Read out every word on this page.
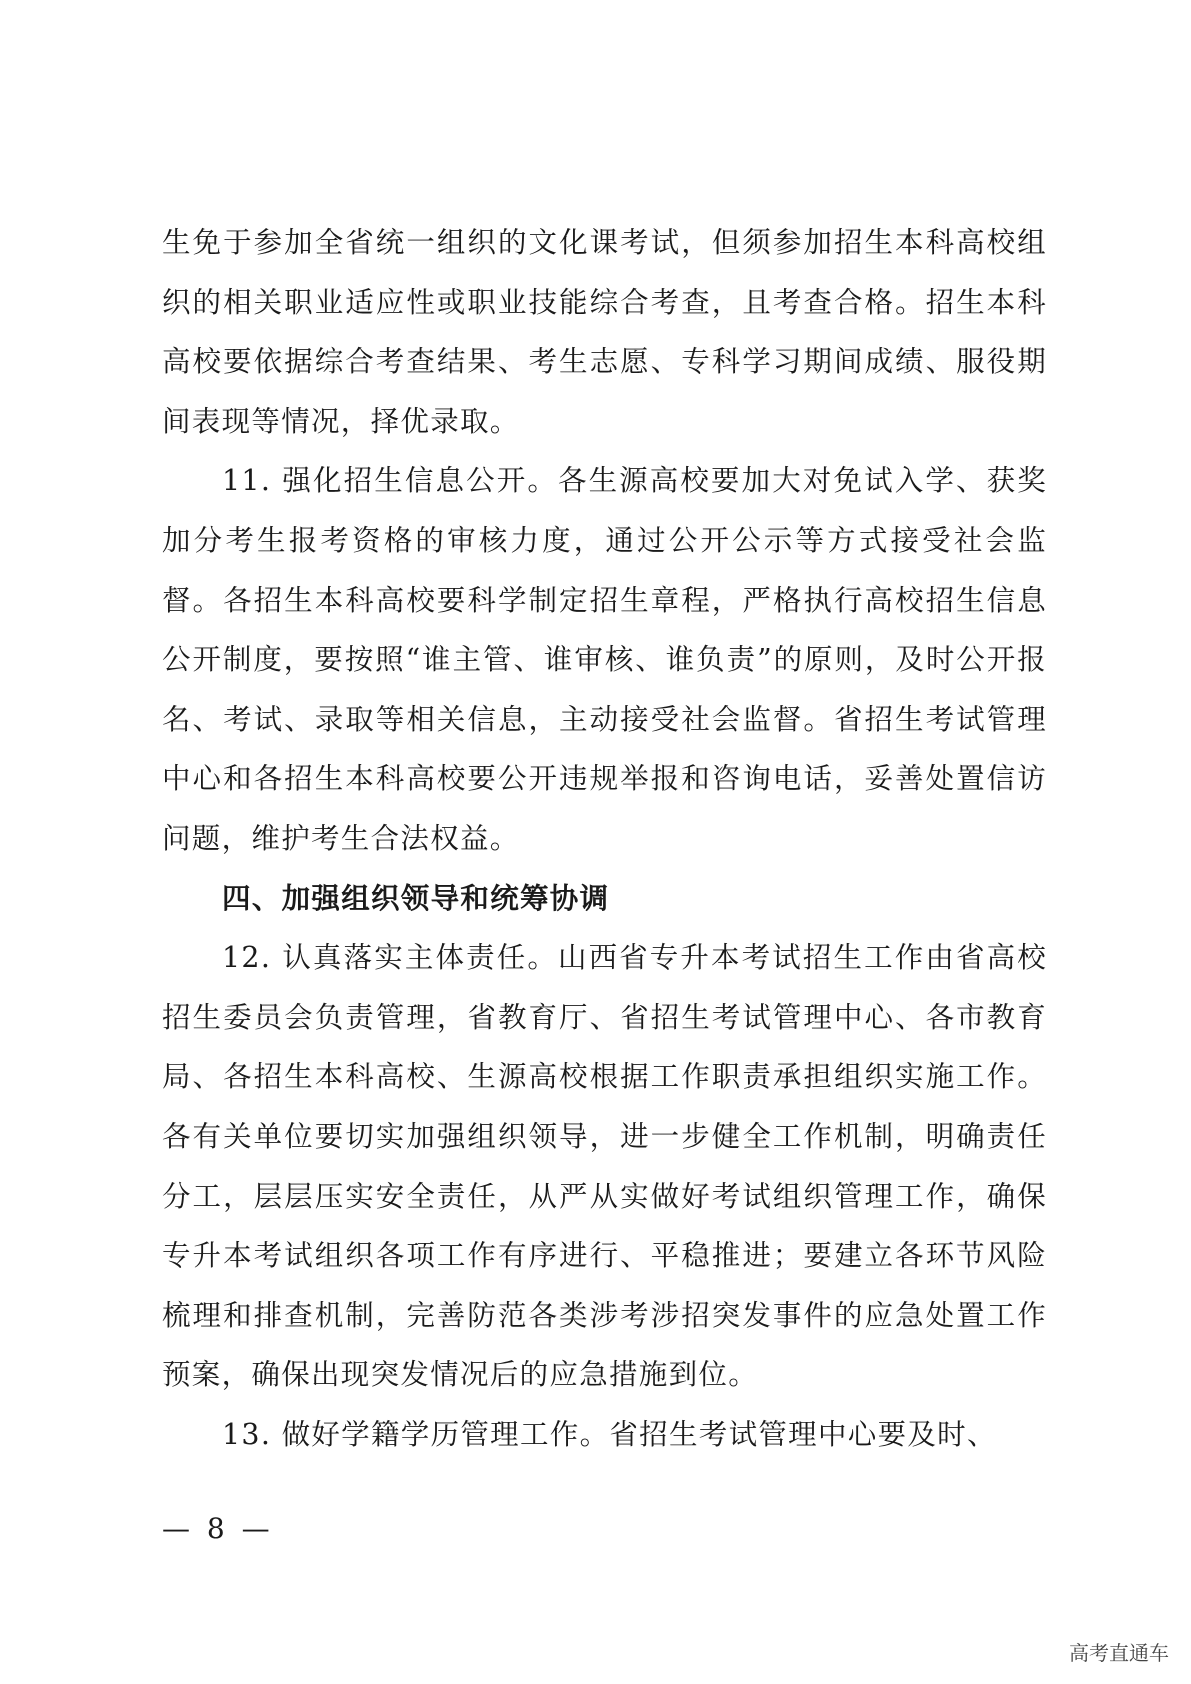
生免于参加全省统一组织的文化课考试，但须参加招生本科高校组织的相关职业适应性或职业技能综合考查，且考查合格。招生本科高校要依据综合考查结果、考生志愿、专科学习期间成绩、服役期间表现等情况，择优录取。

11. 强化招生信息公开。各生源高校要加大对免试入学、获奖加分考生报考资格的审核力度，通过公开公示等方式接受社会监督。各招生本科高校要科学制定招生章程，严格执行高校招生信息公开制度，要按照“谁主管、谁审核、谁负责”的原则，及时公开报名、考试、录取等相关信息，主动接受社会监督。省招生考试管理中心和各招生本科高校要公开违规举报和咨询电话，妥善处置信访问题，维护考生合法权益。

四、加强组织领导和统筹协调

12. 认真落实主体责任。山西省专升本考试招生工作由省高校招生委员会负责管理，省教育厅、省招生考试管理中心、各市教育局、各招生本科高校、生源高校根据工作职责承担组织实施工作。各有关单位要切实加强组织领导，进一步健全工作机制，明确责任分工，层层压实安全责任，从严从实做好考试组织管理工作，确保专升本考试组织各项工作有序进行、平稳推进；要建立各环节风险梳理和排查机制，完善防范各类涉考涉招突发事件的应急处置工作预案，确保出现突发情况后的应急措施到位。

13. 做好学籍学历管理工作。省招生考试管理中心要及时、

— 8 —
高考直通车
